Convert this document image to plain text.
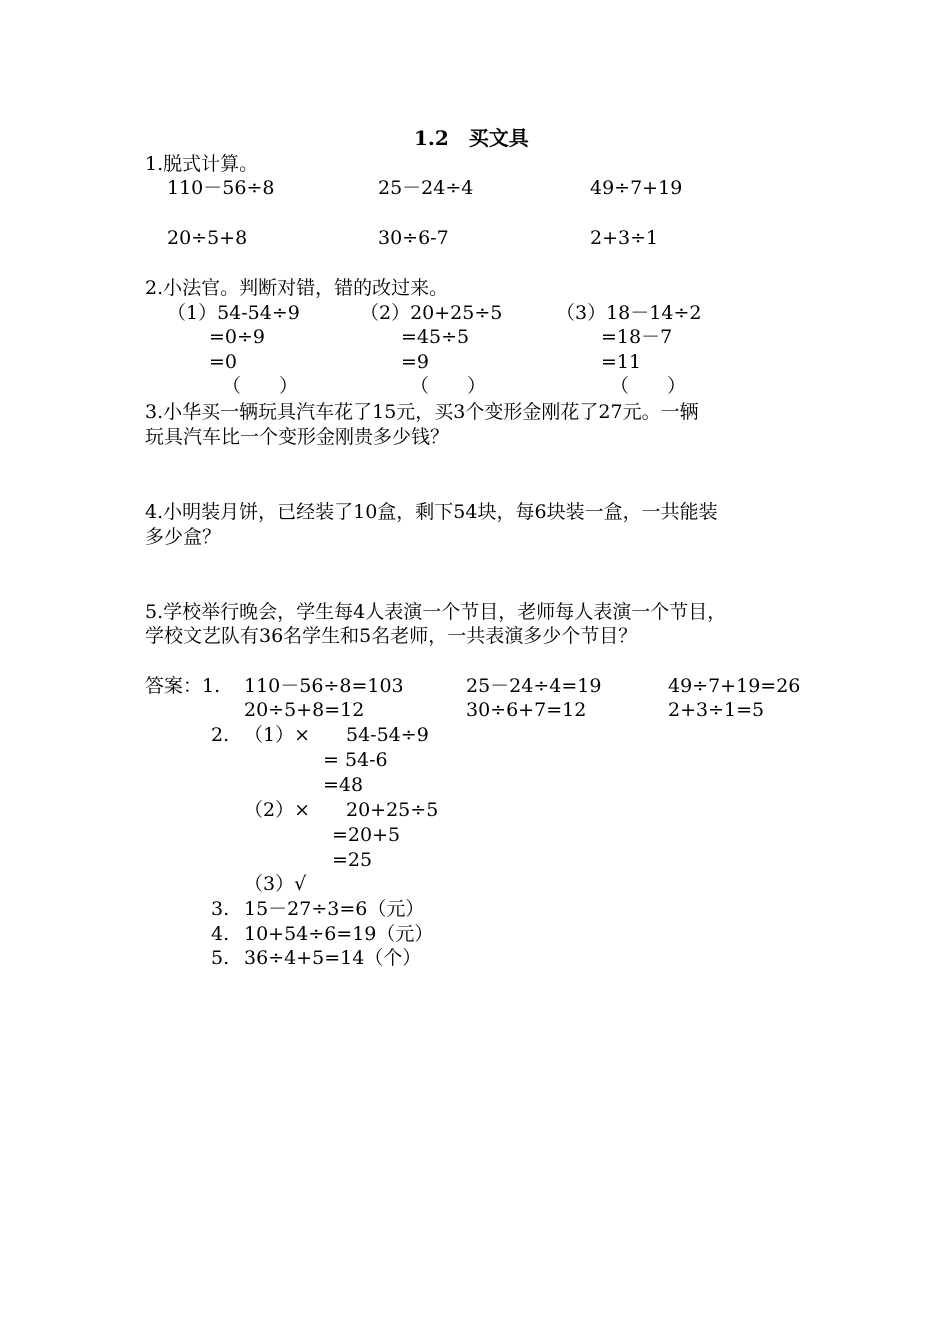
1.2　买文具
1.脱式计算。
110－56÷8	25－24÷4	49÷7+19
20÷5+8	30÷6-7	2+3÷1
2.小法官。判断对错，错的改过来。
（1）54-54÷9
=0÷9
=0
（　　）
（2）20+25÷5
=45÷5
=9
（　　）
（3）18－14÷2
=18－7
=11
（　　）
3.小华买一辆玩具汽车花了15元，买3个变形金刚花了27元。一辆
玩具汽车比一个变形金刚贵多少钱？
4.小明装月饼，已经装了10盒，剩下54块，每6块装一盒，一共能装
多少盒？
5.学校举行晚会，学生每4人表演一个节目，老师每人表演一个节目，
学校文艺队有36名学生和5名老师，一共表演多少个节目？
答案：1. 110－56÷8=103	25－24÷4=19	49÷7+19=26
20÷5+8=12	30÷6+7=12	2+3÷1=5
2. （1）× 54-54÷9
= 54-6
=48
（2）× 20+25÷5
=20+5
=25
（3）√
3. 15－27÷3=6（元）
4. 10+54÷6=19（元）
5. 36÷4+5=14（个）
